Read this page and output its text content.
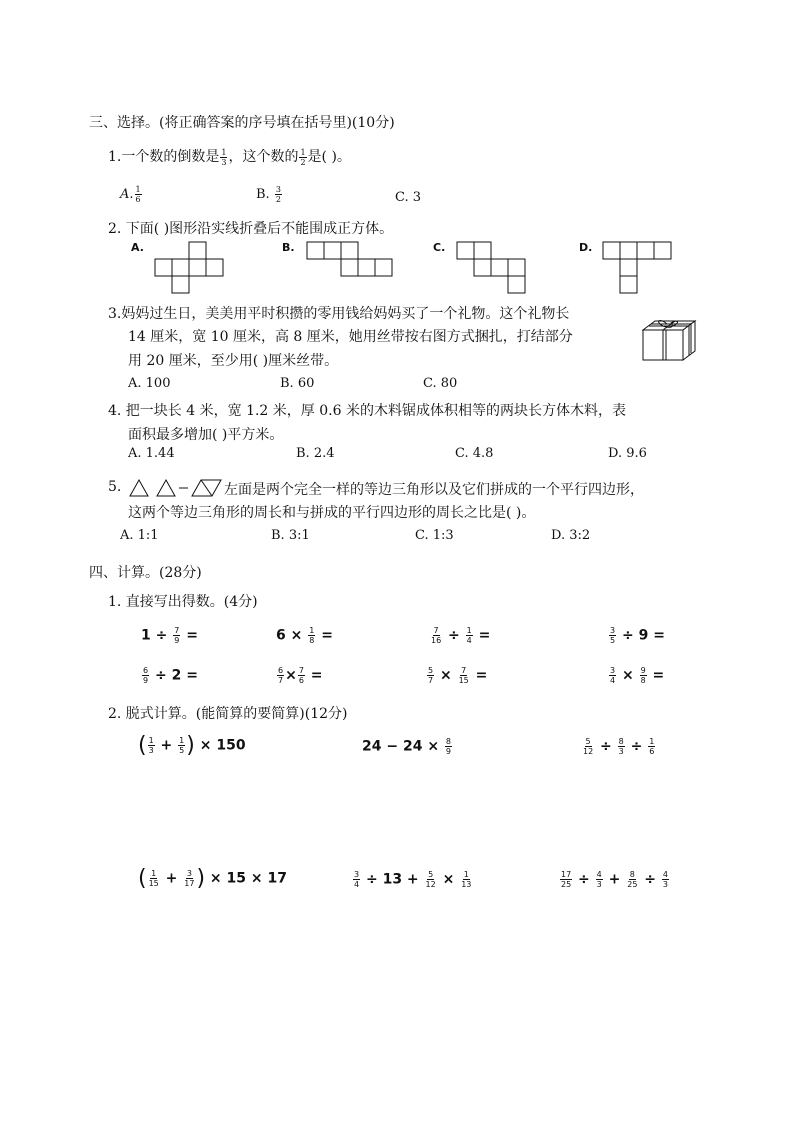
三、选择。(将正确答案的序号填在括号里)(10分)
1.一个数的倒数是 $\frac{1}{3}$ ，这个数的 $\frac{1}{2}$ 是( )。
A. $\frac{1}{6}$	B. $\frac{3}{2}$	C. 3
2. 下面( )图形沿实线折叠后不能围成正方体。
A.	B.	C.	D.
3.妈妈过生日，美美用平时积攒的零用钱给妈妈买了一个礼物。这个礼物长
14 厘米，宽 10 厘米，高 8 厘米，她用丝带按右图方式捆扎，打结部分
用 20 厘米，至少用( )厘米丝带。
A. 100	B. 60	C. 80
4. 把一块长 4 米，宽 1.2 米，厚 0.6 米的木料锯成体积相等的两块长方体木料，表
面积最多增加( )平方米。
A. 1.44	B. 2.4	C. 4.8	D. 9.6
5.	左面是两个完全一样的等边三角形以及它们拼成的一个平行四边形，
这两个等边三角形的周长和与拼成的平行四边形的周长之比是( )。
A. 1:1	B. 3:1	C. 1:3	D. 3:2
四、计算。(28分)
1. 直接写出得数。(4分)
$1 \div \frac{7}{9}$ =	$6 \times \frac{1}{8}$ =	$\frac{7}{16} \div \frac{1}{4}$ =	$\frac{3}{5} \div 9$ =
$\frac{6}{9} \div 2$ =	$\frac{6}{7} \times \frac{7}{6}$ =	$\frac{5}{7} \times \frac{7}{15}$ =	$\frac{3}{4} \times \frac{9}{8}$ =
2. 脱式计算。(能简算的要简算)(12分)
( $\frac{1}{3} + \frac{1}{5}$ ) × 150	$24 - 24 \times \frac{8}{9}$	$\frac{5}{12} \div \frac{8}{3} \div \frac{1}{6}$
( $\frac{1}{15} + \frac{3}{17}$ ) × 15 × 17	$\frac{3}{4} \div 13 + \frac{5}{12} \times \frac{1}{13}$	$\frac{17}{25} \div \frac{4}{3} + \frac{8}{25} \div \frac{4}{3}$
